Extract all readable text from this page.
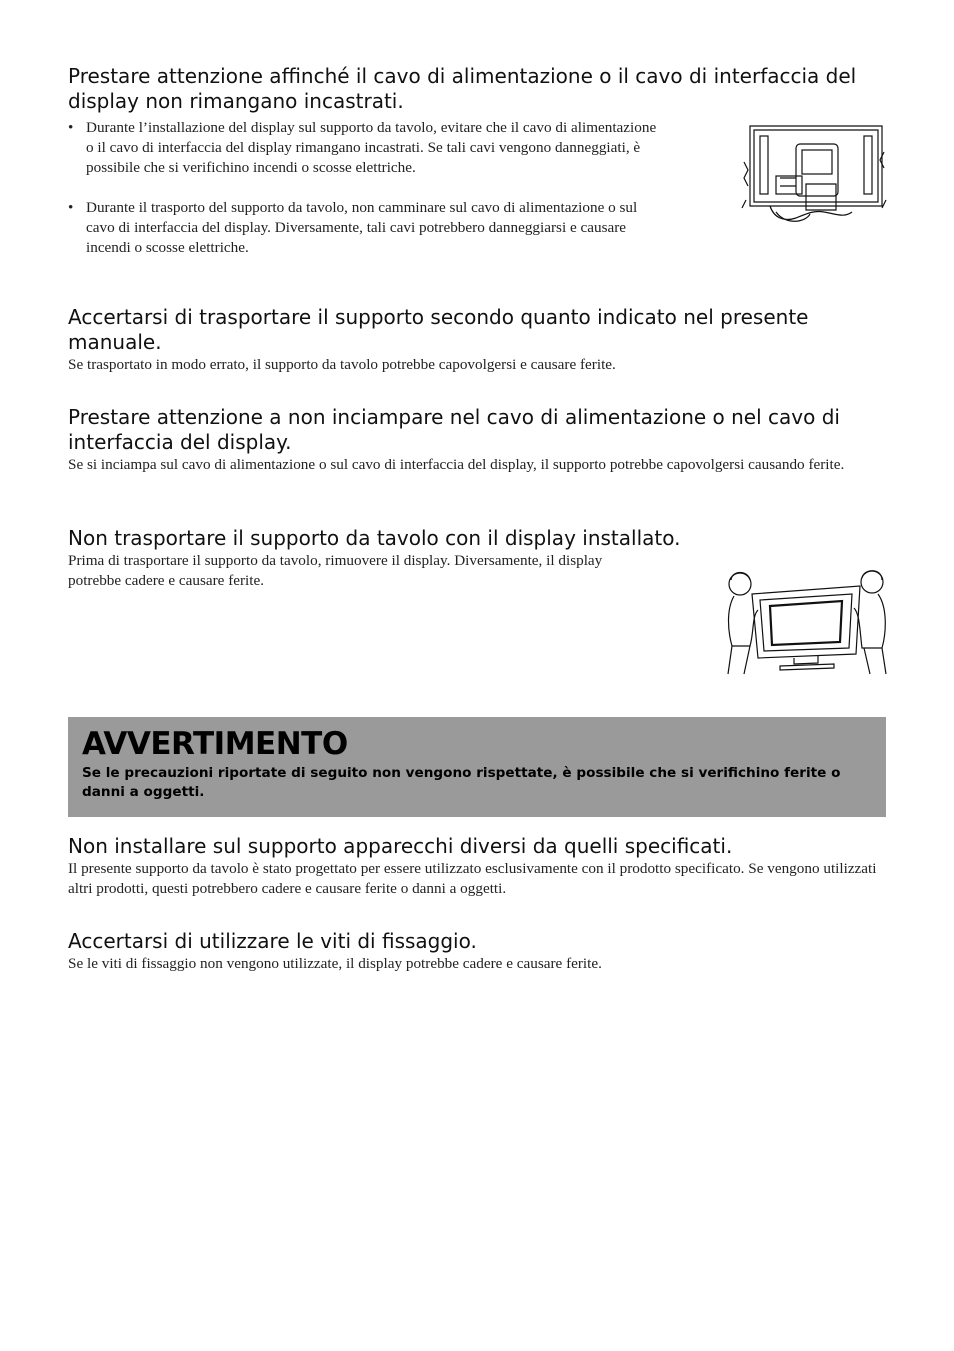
Prestare attenzione affinché il cavo di alimentazione o il cavo di interfaccia del display non rimangano incastrati.
• Durante l’installazione del display sul supporto da tavolo, evitare che il cavo di alimentazione o il cavo di interfaccia del display rimangano incastrati. Se tali cavi vengono danneggiati, è possibile che si verifichino incendi o scosse elettriche.
• Durante il trasporto del supporto da tavolo, non camminare sul cavo di alimentazione o sul cavo di interfaccia del display. Diversamente, tali cavi potrebbero danneggiarsi e causare incendi o scosse elettriche.
Accertarsi di trasportare il supporto secondo quanto indicato nel presente manuale.

Se trasportato in modo errato, il supporto da tavolo potrebbe capovolgersi e causare ferite.

Prestare attenzione a non inciampare nel cavo di alimentazione o nel cavo di interfaccia del display.

Se si inciampa sul cavo di alimentazione o sul cavo di interfaccia del display, il supporto potrebbe capovolgersi causando ferite.

Non trasportare il supporto da tavolo con il display installato.

Prima di trasportare il supporto da tavolo, rimuovere il display. Diversamente, il display potrebbe cadere e causare ferite.

AVVERTIMENTO
Se le precauzioni riportate di seguito non vengono rispettate, è possibile che si verifichino ferite o danni a oggetti.
Non installare sul supporto apparecchi diversi da quelli specificati.

Il presente supporto da tavolo è stato progettato per essere utilizzato esclusivamente con il prodotto specificato. Se vengono utilizzati altri prodotti, questi potrebbero cadere e causare ferite o danni a oggetti.

Accertarsi di utilizzare le viti di fissaggio.

Se le viti di fissaggio non vengono utilizzate, il display potrebbe cadere e causare ferite.
